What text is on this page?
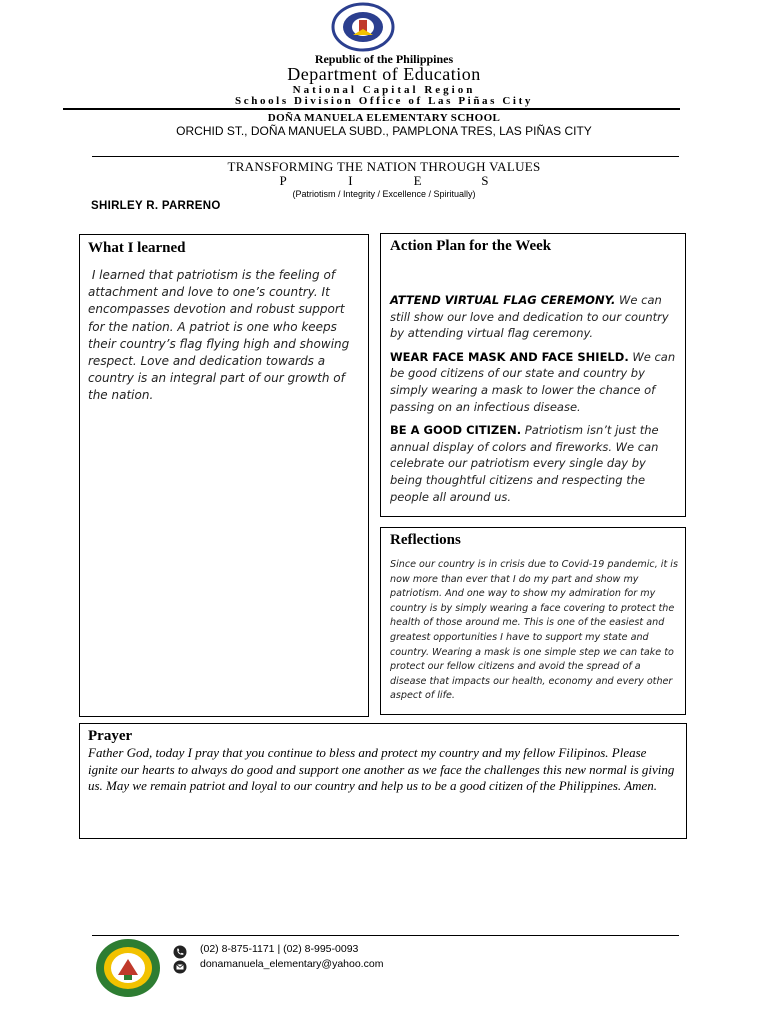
Republic of the Philippines
Department of Education
National Capital Region
Schools Division Office of Las Piñas City
DOÑA MANUELA ELEMENTARY SCHOOL
ORCHID ST., DOÑA MANUELA SUBD., PAMPLONA TRES, LAS PIÑAS CITY
TRANSFORMING THE NATION THROUGH VALUES
P	I	E	S
(Patriotism / Integrity / Excellence / Spiritually)
SHIRLEY R. PARRENO
What I learned
I learned that patriotism is the feeling of attachment and love to one’s country. It encompasses devotion and robust support for the nation. A patriot is one who keeps their country’s flag flying high and showing respect. Love and dedication towards a country is an integral part of our growth of the nation.
Action Plan for the Week

ATTEND VIRTUAL FLAG CEREMONY. We can still show our love and dedication to our country by attending virtual flag ceremony.

WEAR FACE MASK AND FACE SHIELD. We can be good citizens of our state and country by simply wearing a mask to lower the chance of passing on an infectious disease.

BE A GOOD CITIZEN. Patriotism isn’t just the annual display of colors and fireworks. We can celebrate our patriotism every single day by being thoughtful citizens and respecting the people all around us.

Reflections
Since our country is in crisis due to Covid-19 pandemic, it is now more than ever that I do my part and show my patriotism. And one way to show my admiration for my country is by simply wearing a face covering to protect the health of those around me. This is one of the easiest and greatest opportunities I have to support my state and country. Wearing a mask is one simple step we can take to protect our fellow citizens and avoid the spread of a disease that impacts our health, economy and every other aspect of life.
Prayer
Father God, today I pray that you continue to bless and protect my country and my fellow Filipinos. Please ignite our hearts to always do good and support one another as we face the challenges this new normal is giving us. May we remain patriot and loyal to our country and help us to be a good citizen of the Philippines. Amen.
(02) 8-875-1171 | (02) 8-995-0093
donamanuela_elementary@yahoo.com
